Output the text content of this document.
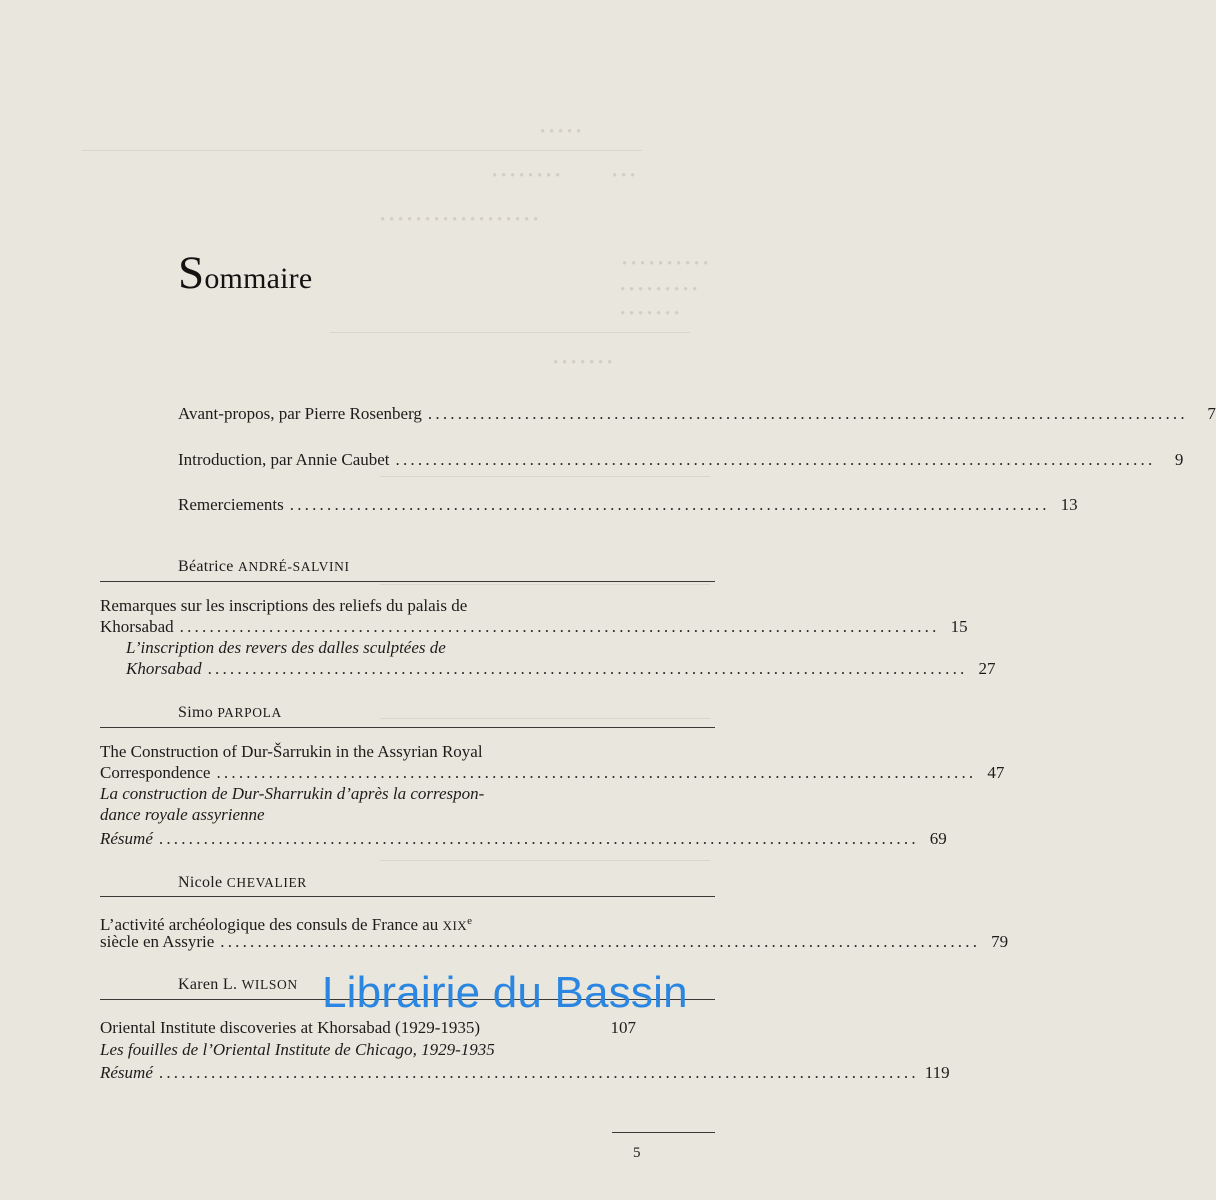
• • • • •
• • • • • • • •	• • •
• • • • • • • • • • • • • • • • • •
• • • • • • • • • •
• • • • • • • • •
• • • • • • •
• • • • • • •
Sommaire
Avant-propos, par Pierre Rosenberg ......................................................................................................	7
Introduction, par Annie Caubet ......................................................................................................	9
Remerciements ...................................................................................................... 13
Béatrice ANDRÉ-SALVINI
Remarques sur les inscriptions des reliefs du palais de
Khorsabad ...................................................................................................... 15
L’inscription des revers des dalles sculptées de
Khorsabad ...................................................................................................... 27
Simo PARPOLA
The Construction of Dur-Šarrukin in the Assyrian Royal
Correspondence ...................................................................................................... 47
La construction de Dur-Sharrukin d’après la correspon-
dance royale assyrienne
Résumé ...................................................................................................... 69
Nicole CHEVALIER
L’activité archéologique des consuls de France au XIXe
siècle en Assyrie ...................................................................................................... 79
Karen L. WILSON
Oriental Institute discoveries at Khorsabad (1929-1935)	107
Les fouilles de l’Oriental Institute de Chicago, 1929-1935
Résumé ...................................................................................................... 119
5
Librairie du Bassin
